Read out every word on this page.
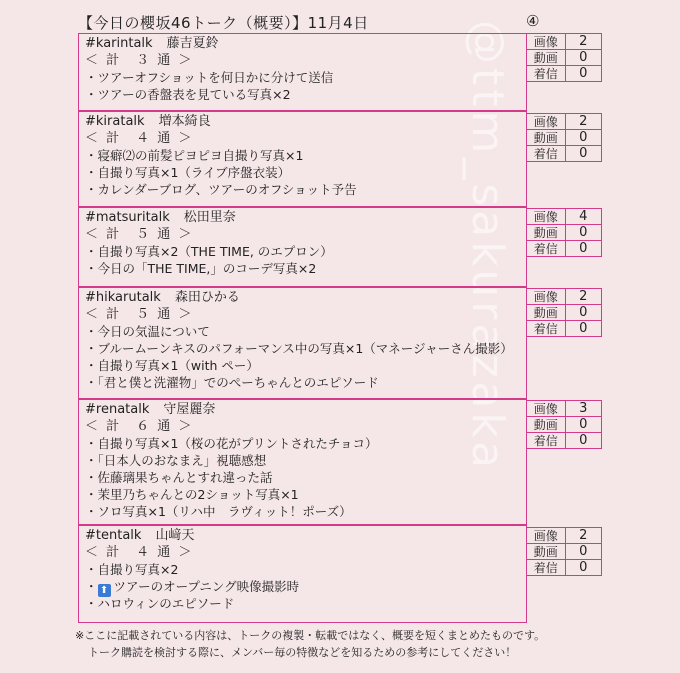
@ttm_sakurazaka
【今日の櫻坂46トーク（概要）】11月4日	④
#karintalk 藤吉夏鈴
＜ 計　３ 通 ＞
・ツアーオフショットを何日かに分けて送信
・ツアーの香盤表を見ている写真×2
画像	2
動画	0
着信	0
#kiratalk 増本綺良
＜ 計　４ 通 ＞
・寝癖⑵の前髪ピヨピヨ自撮り写真×1
・自撮り写真×1（ライブ序盤衣装）
・カレンダーブログ、ツアーのオフショット予告
画像	2
動画	0
着信	0
#matsuritalk 松田里奈
＜ 計　５ 通 ＞
・自撮り写真×2（THE TIME, のエプロン）
・今日の「THE TIME,」のコーデ写真×2
画像	4
動画	0
着信	0
#hikarutalk 森田ひかる
＜ 計　５ 通 ＞
・今日の気温について
・ブルームーンキスのパフォーマンス中の写真×1（マネージャーさん撮影）
・自撮り写真×1（with ペー）
・「君と僕と洗濯物」でのぺーちゃんとのエピソード
画像	2
動画	0
着信	0
#renatalk 守屋麗奈
＜ 計　６ 通 ＞
・自撮り写真×1（桜の花がプリントされたチョコ）
・「日本人のおなまえ」視聴感想
・佐藤璃果ちゃんとすれ違った話
・茉里乃ちゃんとの2ショット写真×1
・ソロ写真×1（リハ中　ラヴィット！ポーズ）
画像	3
動画	0
着信	0
#tentalk 山﨑天
＜ 計　４ 通 ＞
・自撮り写真×2
・ ⬆ ツアーのオープニング映像撮影時
・ハロウィンのエピソード
画像	2
動画	0
着信	0
※ここに記載されている内容は、トークの複製・転載ではなく、概要を短くまとめたものです。
トーク購読を検討する際に、メンバー毎の特徴などを知るための参考にしてください！
